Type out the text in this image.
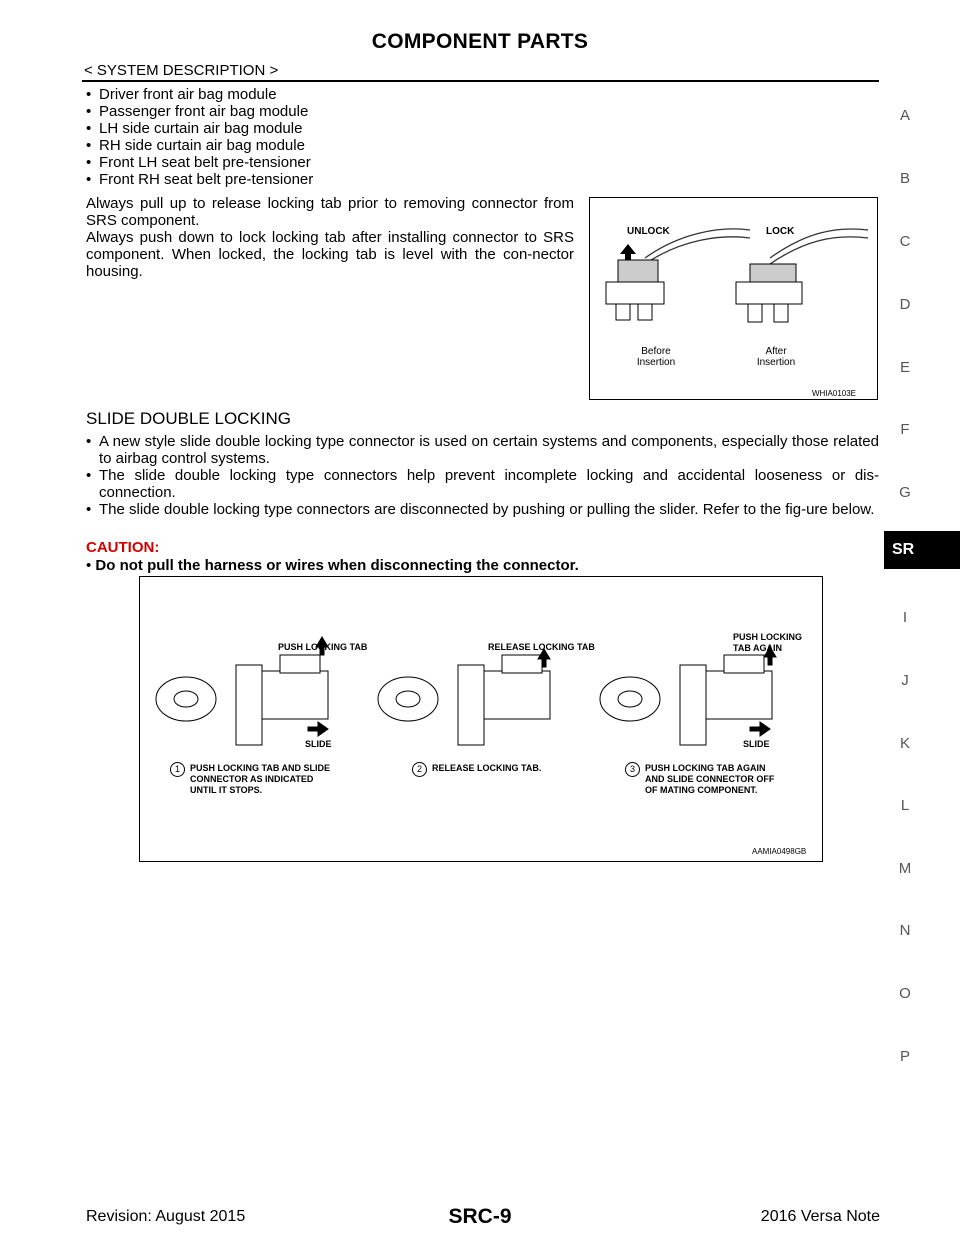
COMPONENT PARTS
< SYSTEM DESCRIPTION >
A
B
C
D
E
F
G
SR
I
J
K
L
M
N
O
P
• Driver front air bag module
• Passenger front air bag module
• LH side curtain air bag module
• RH side curtain air bag module
• Front LH seat belt pre-tensioner
• Front RH seat belt pre-tensioner
Always pull up to release locking tab prior to removing connector from SRS component.
Always push down to lock locking tab after installing connector to SRS component. When locked, the locking tab is level with the con-nector housing.
UNLOCK	LOCK
Before
Insertion
After
Insertion
WHIA0103E
SLIDE DOUBLE LOCKING
• A new style slide double locking type connector is used on certain systems and components, especially those related to airbag control systems.
• The slide double locking type connectors help prevent incomplete locking and accidental looseness or dis-connection.
• The slide double locking type connectors are disconnected by pushing or pulling the slider. Refer to the fig-ure below.
CAUTION:
• Do not pull the harness or wires when disconnecting the connector.
PUSH LOCKING TAB	RELEASE LOCKING TAB
PUSH LOCKING
TAB AGAIN
SLIDE	SLIDE
1	PUSH LOCKING TAB AND SLIDE
CONNECTOR AS INDICATED
UNTIL IT STOPS.
2	RELEASE LOCKING TAB.	3	PUSH LOCKING TAB AGAIN
AND SLIDE CONNECTOR OFF
OF MATING COMPONENT.
AAMIA0498GB
Revision: August 2015	SRC-9	2016 Versa Note
